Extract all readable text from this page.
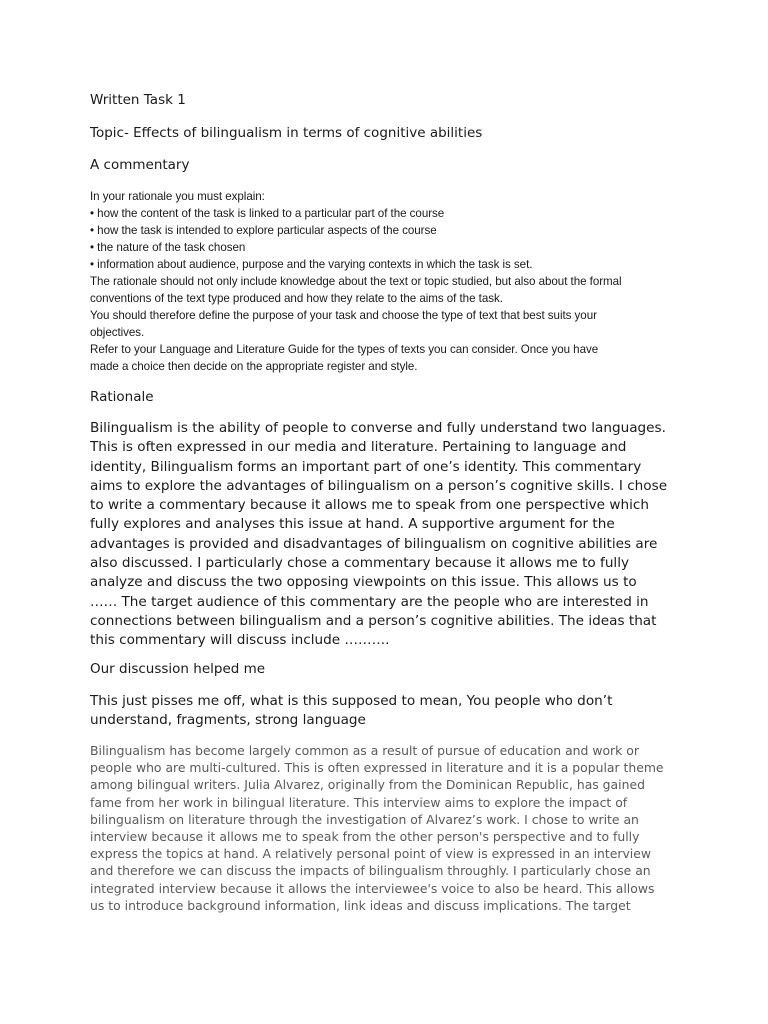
Written Task 1
Topic- Effects of bilingualism in terms of cognitive abilities
A commentary
In your rationale you must explain:
• how the content of the task is linked to a particular part of the course
• how the task is intended to explore particular aspects of the course
• the nature of the task chosen
• information about audience, purpose and the varying contexts in which the task is set.
The rationale should not only include knowledge about the text or topic studied, but also about the formal
conventions of the text type produced and how they relate to the aims of the task.
You should therefore define the purpose of your task and choose the type of text that best suits your
objectives.
Refer to your Language and Literature Guide for the types of texts you can consider. Once you have
made a choice then decide on the appropriate register and style.
Rationale
Bilingualism is the ability of people to converse and fully understand two languages.
This is often expressed in our media and literature. Pertaining to language and
identity, Bilingualism forms an important part of one’s identity. This commentary
aims to explore the advantages of bilingualism on a person’s cognitive skills. I chose
to write a commentary because it allows me to speak from one perspective which
fully explores and analyses this issue at hand. A supportive argument for the
advantages is provided and disadvantages of bilingualism on cognitive abilities are
also discussed. I particularly chose a commentary because it allows me to fully
analyze and discuss the two opposing viewpoints on this issue. This allows us to
…… The target audience of this commentary are the people who are interested in
connections between bilingualism and a person’s cognitive abilities. The ideas that
this commentary will discuss include ……….
Our discussion helped me
This just pisses me off, what is this supposed to mean, You people who don’t
understand, fragments, strong language
Bilingualism has become largely common as a result of pursue of education and work or
people who are multi-cultured. This is often expressed in literature and it is a popular theme
among bilingual writers. Julia Alvarez, originally from the Dominican Republic, has gained
fame from her work in bilingual literature. This interview aims to explore the impact of
bilingualism on literature through the investigation of Alvarez’s work. I chose to write an
interview because it allows me to speak from the other person's perspective and to fully
express the topics at hand. A relatively personal point of view is expressed in an interview
and therefore we can discuss the impacts of bilingualism throughly. I particularly chose an
integrated interview because it allows the interviewee's voice to also be heard. This allows
us to introduce background information, link ideas and discuss implications. The target
